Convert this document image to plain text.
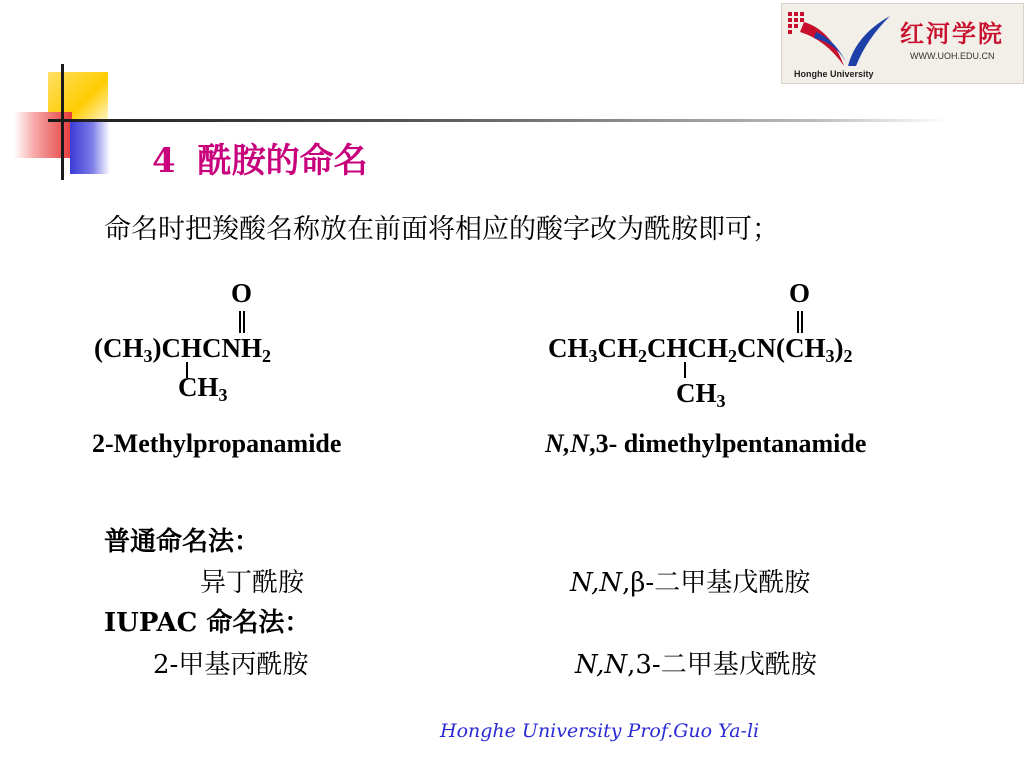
红河学院
WWW.UOH.EDU.CN
Honghe University
4 酰胺的命名
命名时把羧酸名称放在前面将相应的酸字改为酰胺即可；
O
$(CH_3)CHCNH_2$
$CH_3$
2-Methylpropanamide
O
$CH_3CH_2CHCH_2CN(CH_3)_2$
$CH_3$
N,N,3- dimethylpentanamide
普通命名法：
异丁酰胺	N,N,β-二甲基戊酰胺
IUPAC 命名法：
2-甲基丙酰胺	N,N,3-二甲基戊酰胺
Honghe University Prof.Guo Ya-li
